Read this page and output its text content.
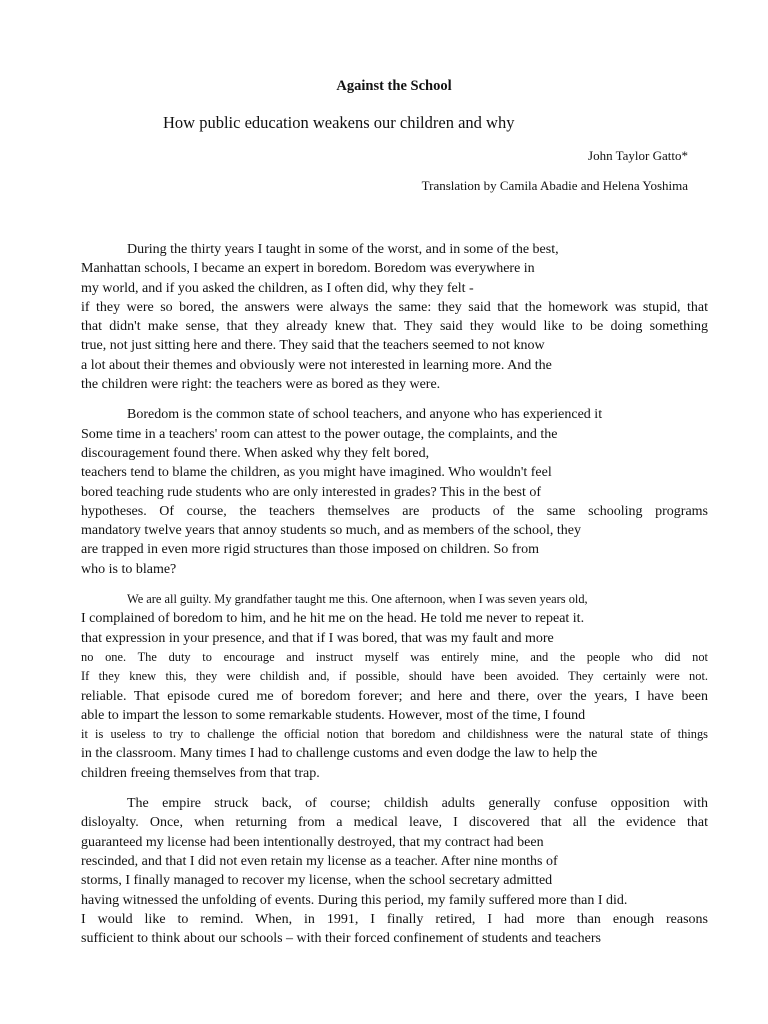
Against the School
How public education weakens our children and why
John Taylor Gatto*
Translation by Camila Abadie and Helena Yoshima
During the thirty years I taught in some of the worst, and in some of the best,
Manhattan schools, I became an expert in boredom. Boredom was everywhere in
my world, and if you asked the children, as I often did, why they felt -
if they were so bored, the answers were always the same: they said that the homework was stupid, that
that didn't make sense, that they already knew that. They said they would like to be doing something
true, not just sitting here and there. They said that the teachers seemed to not know
a lot about their themes and obviously were not interested in learning more. And the
the children were right: the teachers were as bored as they were.
Boredom is the common state of school teachers, and anyone who has experienced it
Some time in a teachers' room can attest to the power outage, the complaints, and the
discouragement found there. When asked why they felt bored,
teachers tend to blame the children, as you might have imagined. Who wouldn't feel
bored teaching rude students who are only interested in grades? This in the best of
hypotheses. Of course, the teachers themselves are products of the same schooling programs
mandatory twelve years that annoy students so much, and as members of the school, they
are trapped in even more rigid structures than those imposed on children. So from
who is to blame?
We are all guilty. My grandfather taught me this. One afternoon, when I was seven years old,
I complained of boredom to him, and he hit me on the head. He told me never to repeat it.
that expression in your presence, and that if I was bored, that was my fault and more
no one. The duty to encourage and instruct myself was entirely mine, and the people who did not
If they knew this, they were childish and, if possible, should have been avoided. They certainly were not.
reliable. That episode cured me of boredom forever; and here and there, over the years, I have been
able to impart the lesson to some remarkable students. However, most of the time, I found
it is useless to try to challenge the official notion that boredom and childishness were the natural state of things
in the classroom. Many times I had to challenge customs and even dodge the law to help the
children freeing themselves from that trap.
The empire struck back, of course; childish adults generally confuse opposition with
disloyalty. Once, when returning from a medical leave, I discovered that all the evidence that
guaranteed my license had been intentionally destroyed, that my contract had been
rescinded, and that I did not even retain my license as a teacher. After nine months of
storms, I finally managed to recover my license, when the school secretary admitted
having witnessed the unfolding of events. During this period, my family suffered more than I did.
I would like to remind. When, in 1991, I finally retired, I had more than enough reasons
sufficient to think about our schools – with their forced confinement of students and teachers
